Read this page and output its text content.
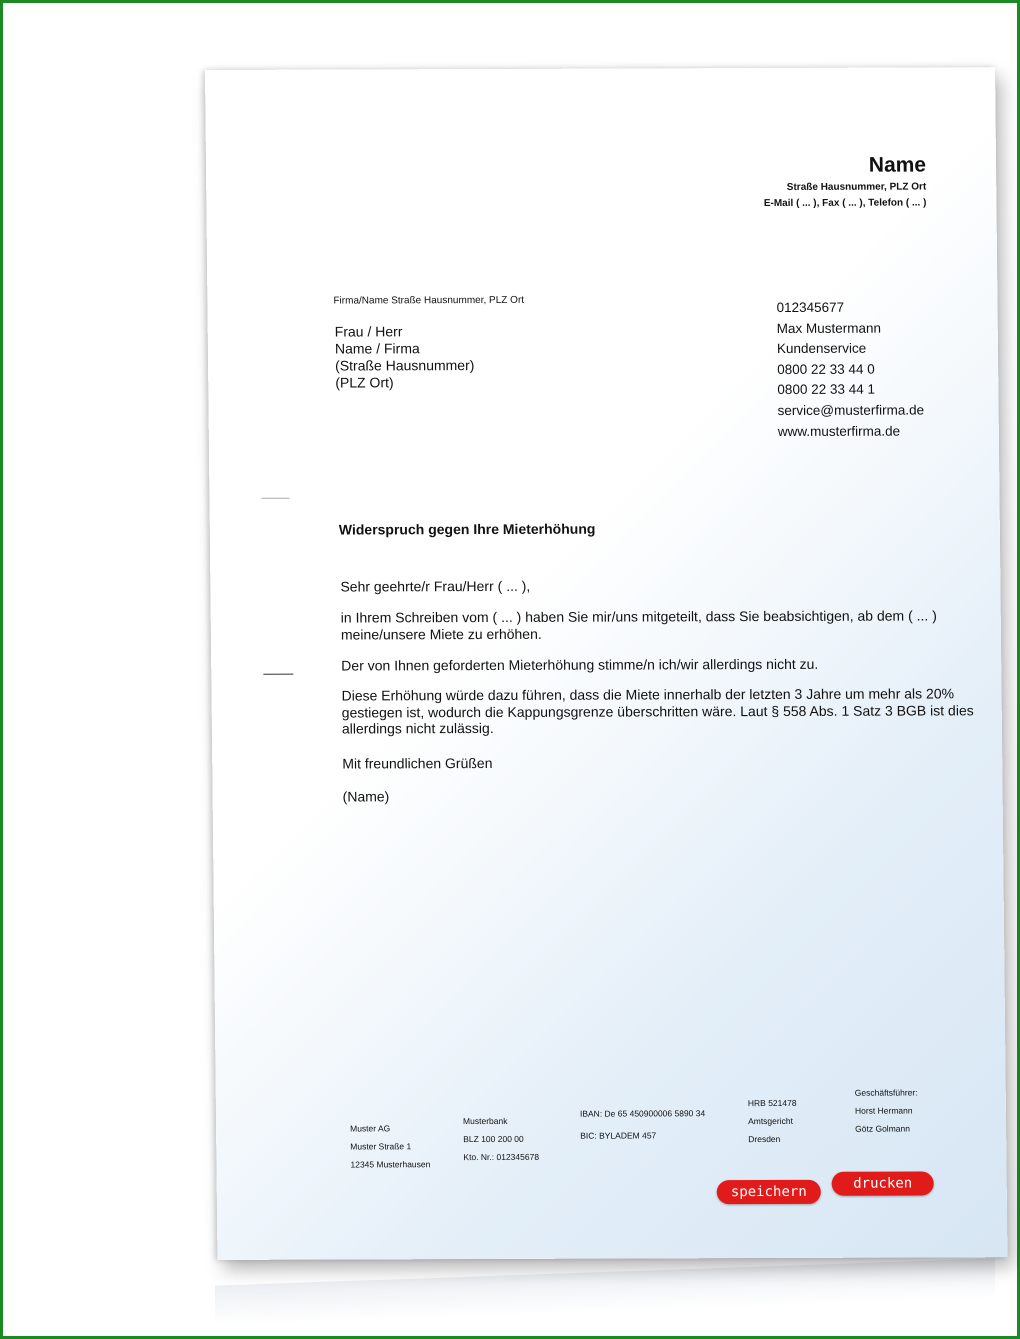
Name
Straße Hausnummer, PLZ Ort
E-Mail ( ... ), Fax ( ... ), Telefon ( ... )
Firma/Name Straße Hausnummer, PLZ Ort
Frau / Herr
Name / Firma
(Straße Hausnummer)
(PLZ Ort)
012345677
Max Mustermann
Kundenservice
0800 22 33 44 0
0800 22 33 44 1
service@musterfirma.de
www.musterfirma.de
Widerspruch gegen Ihre Mieterhöhung
Sehr geehrte/r Frau/Herr ( ... ),
in Ihrem Schreiben vom ( ... ) haben Sie mir/uns mitgeteilt, dass Sie beabsichtigen, ab dem ( ... )
meine/unsere Miete zu erhöhen.
Der von Ihnen geforderten Mieterhöhung stimme/n ich/wir allerdings nicht zu.
Diese Erhöhung würde dazu führen, dass die Miete innerhalb der letzten 3 Jahre um mehr als 20%
gestiegen ist, wodurch die Kappungsgrenze überschritten wäre. Laut § 558 Abs. 1 Satz 3 BGB ist dies
allerdings nicht zulässig.
Mit freundlichen Grüßen
(Name)
Muster AG
Muster Straße 1
12345 Musterhausen
Musterbank
BLZ 100 200 00
Kto. Nr.: 012345678
IBAN: De 65 450900006 5890 34
BIC: BYLADEM 457
HRB 521478
Amtsgericht
Dresden
Geschäftsführer:
Horst Hermann
Götz Golmann
speichern
drucken
